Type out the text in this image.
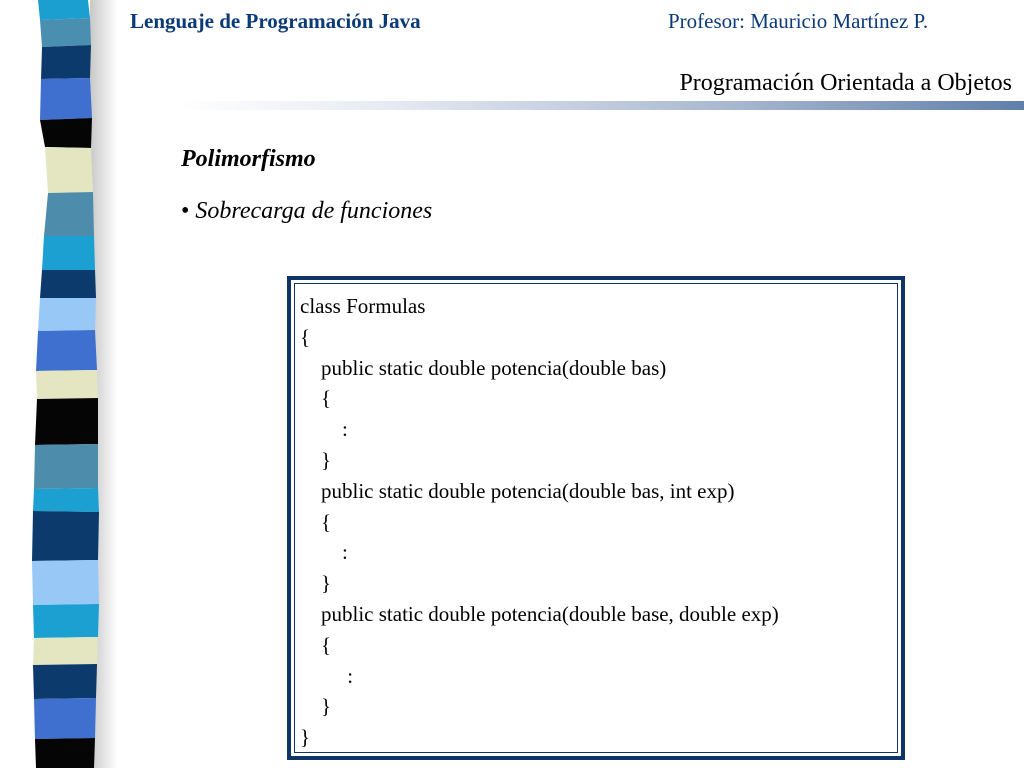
Lenguaje de Programación Java	Profesor: Mauricio Martínez P.
Programación Orientada a Objetos
Polimorfismo
• Sobrecarga de funciones
class Formulas
{
public static double potencia(double bas)
{
:
}
public static double potencia(double bas, int exp)
{
:
}
public static double potencia(double base, double exp)
{
:
}
}
